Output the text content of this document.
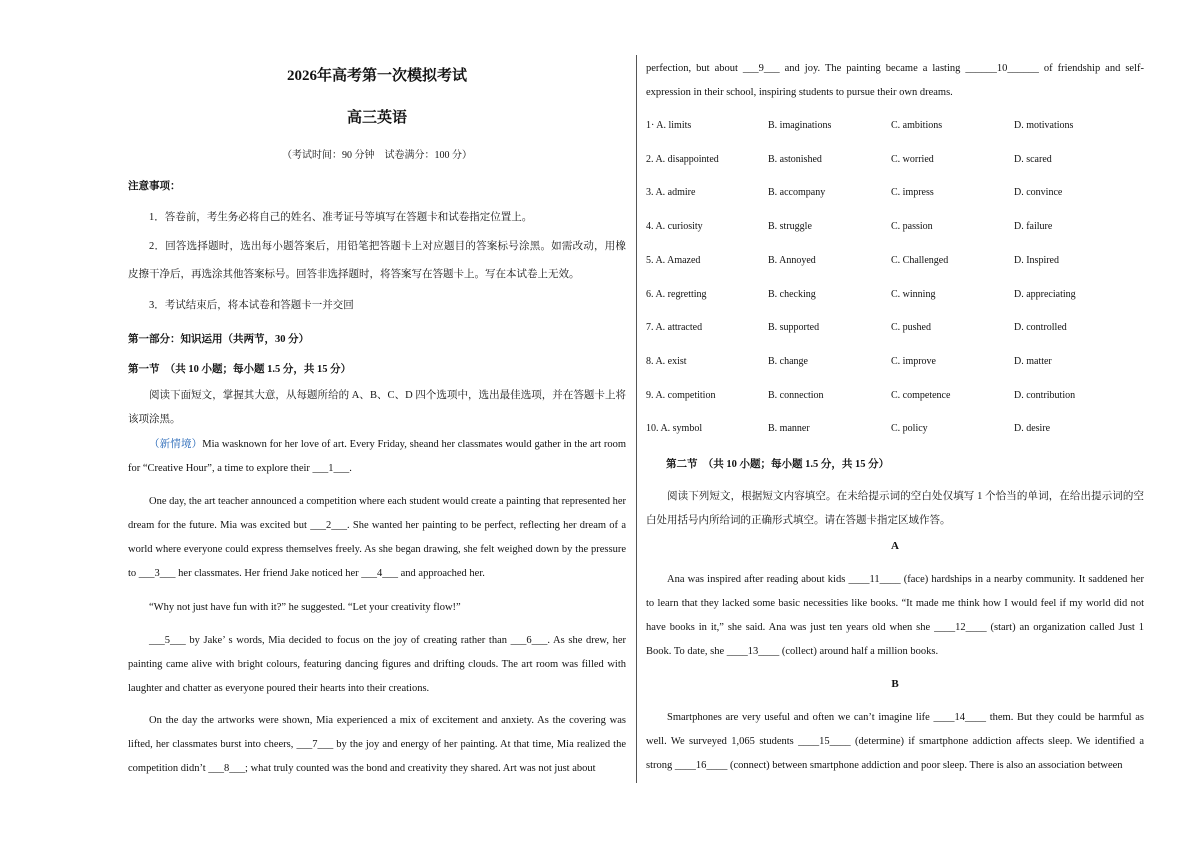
2026年高考第一次模拟考试
高三英语
（考试时间：90 分钟　试卷满分：100 分）
注意事项：
1．答卷前，考生务必将自己的姓名、准考证号等填写在答题卡和试卷指定位置上。
2．回答选择题时，选出每小题答案后，用铅笔把答题卡上对应题目的答案标号涂黑。如需改动，用橡皮擦干净后，再选涂其他答案标号。回答非选择题时，将答案写在答题卡上。写在本试卷上无效。
3．考试结束后，将本试卷和答题卡一并交回
第一部分：知识运用（共两节，30 分）
第一节　（共 10 小题；每小题 1.5 分，共 15 分）
阅读下面短文，掌握其大意，从每题所给的 A、B、C、D 四个选项中，选出最佳选项，并在答题卡上将该项涂黑。
（新情境）Mia wasknown for her love of art. Every Friday, sheand her classmates would gather in the art room for “Creative Hour”, a time to explore their ___1___.
One day, the art teacher announced a competition where each student would create a painting that represented her dream for the future. Mia was excited but ___2___. She wanted her painting to be perfect, reflecting her dream of a world where everyone could express themselves freely. As she began drawing, she felt weighed down by the pressure to ___3___ her classmates. Her friend Jake noticed her ___4___ and approached her.
“Why not just have fun with it?” he suggested. “Let your creativity flow!”
___5___ by Jake’ s words, Mia decided to focus on the joy of creating rather than ___6___. As she drew, her painting came alive with bright colours, featuring dancing figures and drifting clouds. The art room was filled with laughter and chatter as everyone poured their hearts into their creations.
On the day the artworks were shown, Mia experienced a mix of excitement and anxiety. As the covering was lifted, her classmates burst into cheers, ___7___ by the joy and energy of her painting. At that time, Mia realized the competition didn’t ___8___; what truly counted was the bond and creativity they shared. Art was not just about
perfection, but about ___9___ and joy. The painting became a lasting ______10______ of friendship and self-expression in their school, inspiring students to pursue their own dreams.
1· A. limits	B. imaginations	C. ambitions	D. motivations
2. A. disappointed	B. astonished	C. worried	D. scared
3. A. admire	B. accompany	C. impress	D. convince
4. A. curiosity	B. struggle	C. passion	D. failure
5. A. Amazed	B. Annoyed	C. Challenged	D. Inspired
6. A. regretting	B. checking	C. winning	D. appreciating
7. A. attracted	B. supported	C. pushed	D. controlled
8. A. exist	B. change	C. improve	D. matter
9. A. competition	B. connection	C. competence	D. contribution
10. A. symbol	B. manner	C. policy	D. desire
第二节　（共 10 小题；每小题 1.5 分，共 15 分）
阅读下列短文，根据短文内容填空。在未给提示词的空白处仅填写 1 个恰当的单词，在给出提示词的空白处用括号内所给词的正确形式填空。请在答题卡指定区域作答。
A
Ana was inspired after reading about kids ____11____ (face) hardships in a nearby community. It saddened her to learn that they lacked some basic necessities like books. “It made me think how I would feel if my world did not have books in it,” she said. Ana was just ten years old when she ____12____ (start) an organization called Just 1 Book. To date, she ____13____ (collect) around half a million books.
B
Smartphones are very useful and often we can’t imagine life ____14____ them. But they could be harmful as well. We surveyed 1,065 students ____15____ (determine) if smartphone addiction affects sleep. We identified a strong ____16____ (connect) between smartphone addiction and poor sleep. There is also an association between
